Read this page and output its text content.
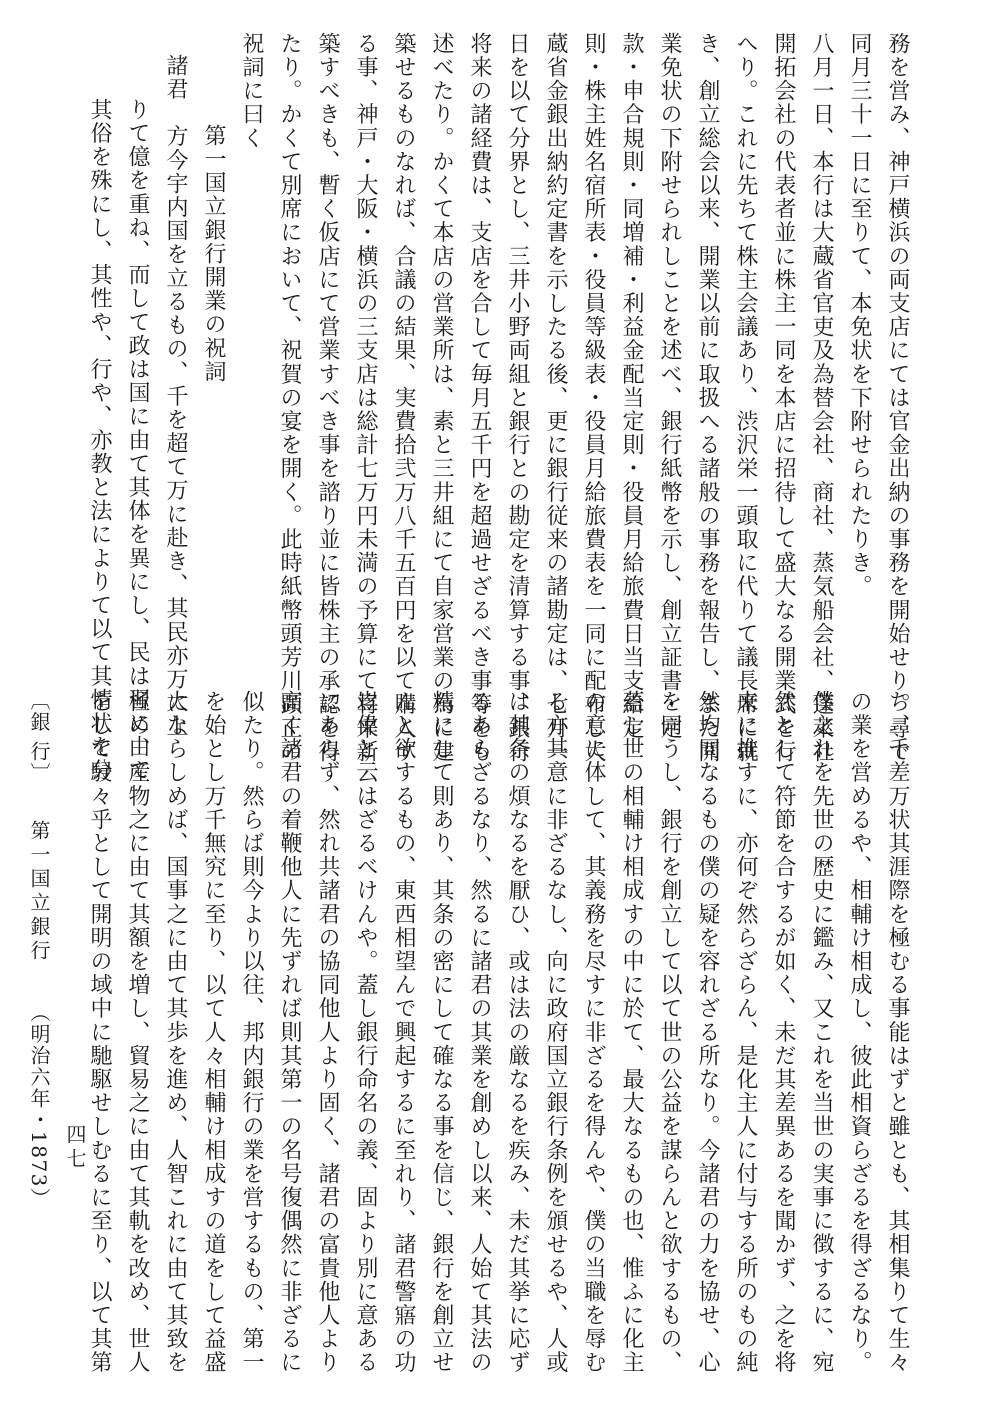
務を営み、神戸横浜の両支店にては官金出納の事務を開始せり。尋で
同月三十一日に至りて、本免状を下附せられたりき。
八月一日、本行は大蔵省官吏及為替会社、商社、蒸気船会社、蓬萊社
開拓会社の代表者並に株主一同を本店に招待して盛大なる開業式を行
へり。これに先ちて株主会議あり、渋沢栄一頭取に代りて議長席に就
き、創立総会以来、開業以前に取扱へる諸般の事務を報告し、また開
業免状の下附せられしことを述べ、銀行紙幣を示し、創立証書・定
款・申合規則・同増補・利益金配当定則・役員月給旅費日当支給定
則・株主姓名宿所表・役員等級表・役員月給旅費表を一同に配布し大
蔵省金銀出納約定書を示したる後、更に銀行従来の諸勘定は、七月一
日を以て分界とし、三井小野両組と銀行との勘定を清算する事、銀行
将来の諸経費は、支店を合して毎月五千円を超過せざるべき事等をも
述べたり。かくて本店の営業所は、素と三井組にて自家営業の為に建
築せるものなれば、合議の結果、実費拾弐万八千五百円を以て購入す
る事、神戸・大阪・横浜の三支店は総計七万円未満の予算にて将来新
築すべきも、暫く仮店にて営業すべき事を諮り並に皆株主の承認を得
たり。かくて別席において、祝賀の宴を開く。此時紙幣頭芳川顕正の
祝詞に曰く
第一国立銀行開業の祝詞
諸君　方今宇内国を立るもの、千を超て万に赴き、其民亦万に上
りて億を重ね、而して政は国に由て其体を異にし、民は習に由て
其俗を殊にし、其性や、行や、亦教と法によりて以て其情状を分
ち、千差万状其涯際を極むる事能はずと雖とも、其相集りて生々
の業を営めるや、相輔け相成し、彼此相資らざるを得ざるなり。
僕之れを先世の歴史に鑑み、又これを当世の実事に徴するに、宛
然として符節を合するが如く、未だ其差異あるを聞かず、之を将
来に推すに、亦何ぞ然らざらん、是化主人に付与する所のもの純
然均同なるもの僕の疑を容れざる所なり。今諸君の力を協せ、心
を同うし、銀行を創立して以て世の公益を謀らんと欲するもの、
蓋し世の相輔け相成すの中に於て、最大なるもの也、惟ふに化主
の意に体して、其義務を尽すに非ざるを得んや、僕の当職を辱む
る亦其意に非ざるなし、向に政府国立銀行条例を頒せるや、人或
は其条の煩なるを厭ひ、或は法の厳なるを疾み、未だ其挙に応ず
るあらざるなり、然るに諸君の其業を創めし以来、人始て其法の
精にして則あり、其条の密にして確なる事を信じ、銀行を創立せ
んと欲するもの、東西相望んで興起するに至れり、諸君警寤の功
豈偉と云はざるべけんや。蓋し銀行命名の義、固より別に意ある
にあらず、然れ共諸君の協同他人より固く、諸君の富貴他人より
高く諸君の着鞭他人に先ずれば則其第一の名号復偶然に非ざるに
似たり。然らば則今より以往、邦内銀行の業を営するもの、第一
を始とし万千無究に至り、以て人々相輔け相成すの道をして益盛
大ならしめば、国事之に由て其歩を進め、人智これに由て其致を
極め、産物之に由て其額を増し、貿易之に由て其軌を改め、世人
をして駸々乎として開明の域中に馳駆せしむるに至り、以て其第
〔銀 行〕 第一国立銀行 （明治六年・1873） 四七
